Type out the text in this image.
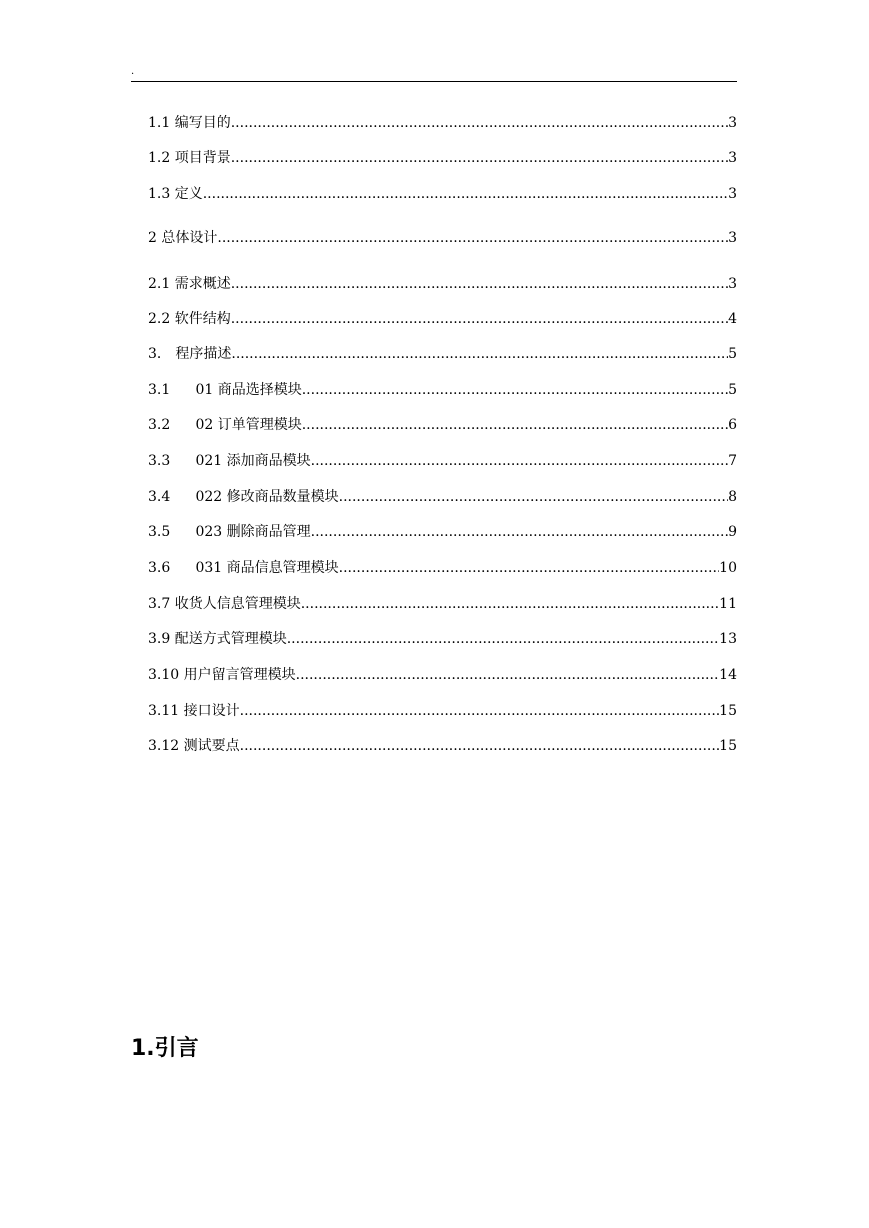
.
1.1 编写目的 .....	3
1.2 项目背景 .....	3
1.3 定义 .....	3
2 总体设计 .....	3
2.1 需求概述 .....	3
2.2 软件结构 .....	4
3． 程序描述 .....	5
3.1 01 商品选择模块 .....	5
3.2 02 订单管理模块 .....	6
3.3 021 添加商品模块 .....	7
3.4 022 修改商品数量模块 .....	8
3.5 023 删除商品管理 .....	9
3.6 031 商品信息管理模块 .....	10
3.7 收货人信息管理模块 .....	11
3.9 配送方式管理模块 .....	13
3.10 用户留言管理模块 .....	14
3.11 接口设计 .....	15
3.12 测试要点 .....	15
1.引言
